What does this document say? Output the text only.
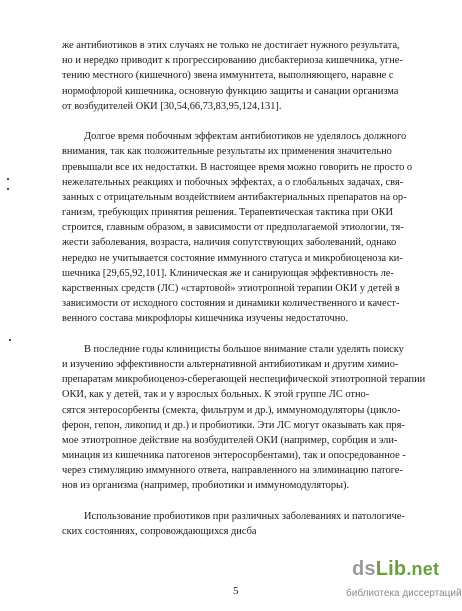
же антибиотиков в этих случаях не только не достигает нужного результата,
но и нередко приводит к прогрессированию дисбактериоза кишечника, угне-
тению местного (кишечного) звена иммунитета, выполняющего, наравне с
нормофлорой кишечника, основную функцию защиты и санации организма
от возбудителей ОКИ [30,54,66,73,83,95,124,131].
Долгое время побочным эффектам антибиотиков не уделялось должного
внимания, так как положительные результаты их применения значительно
превышали все их недостатки. В настоящее время можно говорить не просто о
нежелательных реакциях и побочных эффектах, а о глобальных задачах, свя-
занных с отрицательным воздействием антибактериальных препаратов на ор-
ганизм, требующих принятия решения. Терапевтическая тактика при ОКИ
строится, главным образом, в зависимости от предполагаемой этиологии, тя-
жести заболевания, возраста, наличия сопутствующих заболеваний, однако
нередко не учитывается состояние иммунного статуса и микробиоценоза ки-
шечника [29,65,92,101]. Клиническая же и санирующая эффективность ле-
карственных средств (ЛС) «стартовой» этиотропной терапии ОКИ у детей в
зависимости от исходного состояния и динамики количественного и качест-
венного состава микрофлоры кишечника изучены недостаточно.
В последние годы клиницисты большое внимание стали уделять поиску
и изучению эффективности альтернативной антибиотикам и другим химио-
препаратам микробиоценоз-сберегающей неспецифической этиотропной терапии
ОКИ, как у детей, так и у взрослых больных. К этой группе ЛС отно-
сятся энтеросорбенты (смекта, фильтрум и др.), иммуномодуляторы (цикло-
ферон, гепон, ликопид и др.) и пробиотики. Эти ЛС могут оказывать как пря-
мое этиотропное действие на возбудителей ОКИ (например, сорбция и эли-
минация из кишечника патогенов энтеросорбентами), так и опосредованное -
через стимуляцию иммунного ответа, направленного на элиминацию патоге-
нов из организма (например, пробиотики и иммуномодуляторы).
Использование пробиотиков при различных заболеваниях и патологиче-
ских состояниях, сопровождающихся дисба
5
dsLib.net
библиотека диссертаций
